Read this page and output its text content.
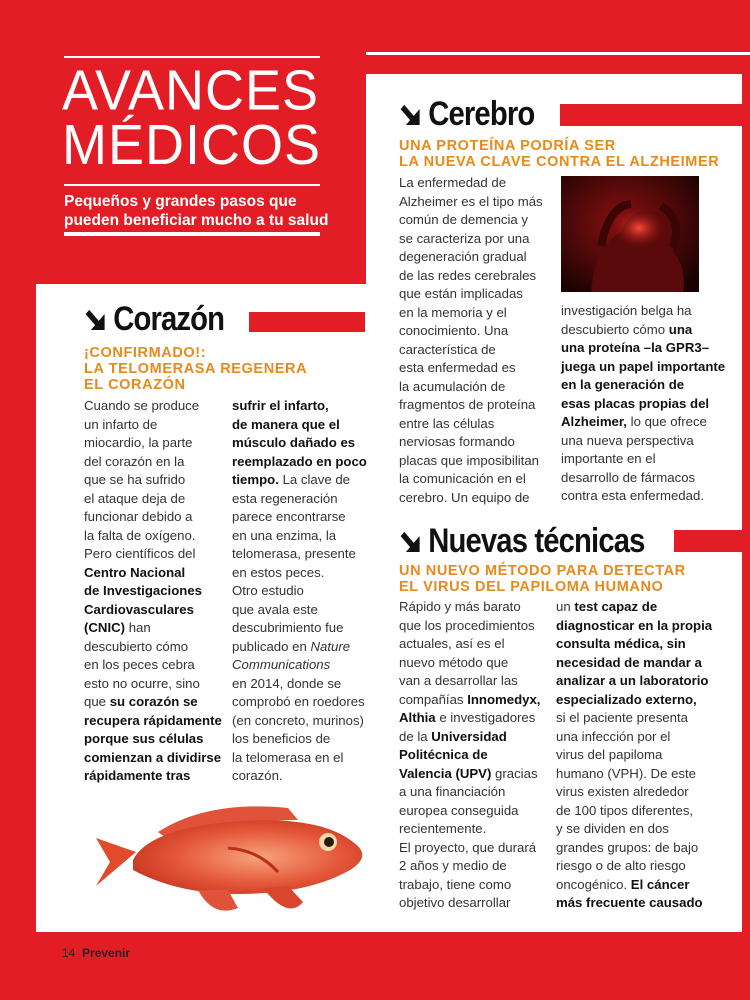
AVANCES
MÉDICOS
Pequeños y grandes pasos que
pueden beneficiar mucho a tu salud
Corazón
¡CONFIRMADO!:
LA TELOMERASA REGENERA
EL CORAZÓN
Cuando se produce
un infarto de
miocardio, la parte
del corazón en la
que se ha sufrido
el ataque deja de
funcionar debido a
la falta de oxígeno.
Pero científicos del
Centro Nacional
de Investigaciones
Cardiovasculares
(CNIC) han
descubierto cómo
en los peces cebra
esto no ocurre, sino
que su corazón se
recupera rápidamente
porque sus células
comienzan a dividirse
rápidamente tras
sufrir el infarto,
de manera que el
músculo dañado es
reemplazado en poco
tiempo. La clave de
esta regeneración
parece encontrarse
en una enzima, la
telomerasa, presente
en estos peces.
Otro estudio
que avala este
descubrimiento fue
publicado en Nature
Communications
en 2014, donde se
comprobó en roedores
(en concreto, murinos)
los beneficios de
la telomerasa en el
corazón.
Cerebro
UNA PROTEÍNA PODRÍA SER
LA NUEVA CLAVE CONTRA EL ALZHEIMER
La enfermedad de
Alzheimer es el tipo más
común de demencia y
se caracteriza por una
degeneración gradual
de las redes cerebrales
que están implicadas
en la memoria y el
conocimiento. Una
característica de
esta enfermedad es
la acumulación de
fragmentos de proteína
entre las células
nerviosas formando
placas que imposibilitan
la comunicación en el
cerebro. Un equipo de
investigación belga ha
descubierto cómo una
una proteína –la GPR3–
juega un papel importante
en la generación de
esas placas propias del
Alzheimer, lo que ofrece
una nueva perspectiva
importante en el
desarrollo de fármacos
contra esta enfermedad.
Nuevas técnicas
UN NUEVO MÉTODO PARA DETECTAR
EL VIRUS DEL PAPILOMA HUMANO
Rápido y más barato
que los procedimientos
actuales, así es el
nuevo método que
van a desarrollar las
compañías Innomedyx,
Althia e investigadores
de la Universidad
Politécnica de
Valencia (UPV) gracias
a una financiación
europea conseguida
recientemente.
El proyecto, que durará
2 años y medio de
trabajo, tiene como
objetivo desarrollar
un test capaz de
diagnosticar en la propia
consulta médica, sin
necesidad de mandar a
analizar a un laboratorio
especializado externo,
si el paciente presenta
una infección por el
virus del papiloma
humano (VPH). De este
virus existen alrededor
de 100 tipos diferentes,
y se dividen en dos
grandes grupos: de bajo
riesgo o de alto riesgo
oncogénico. El cáncer
más frecuente causado
14 Prevenir
